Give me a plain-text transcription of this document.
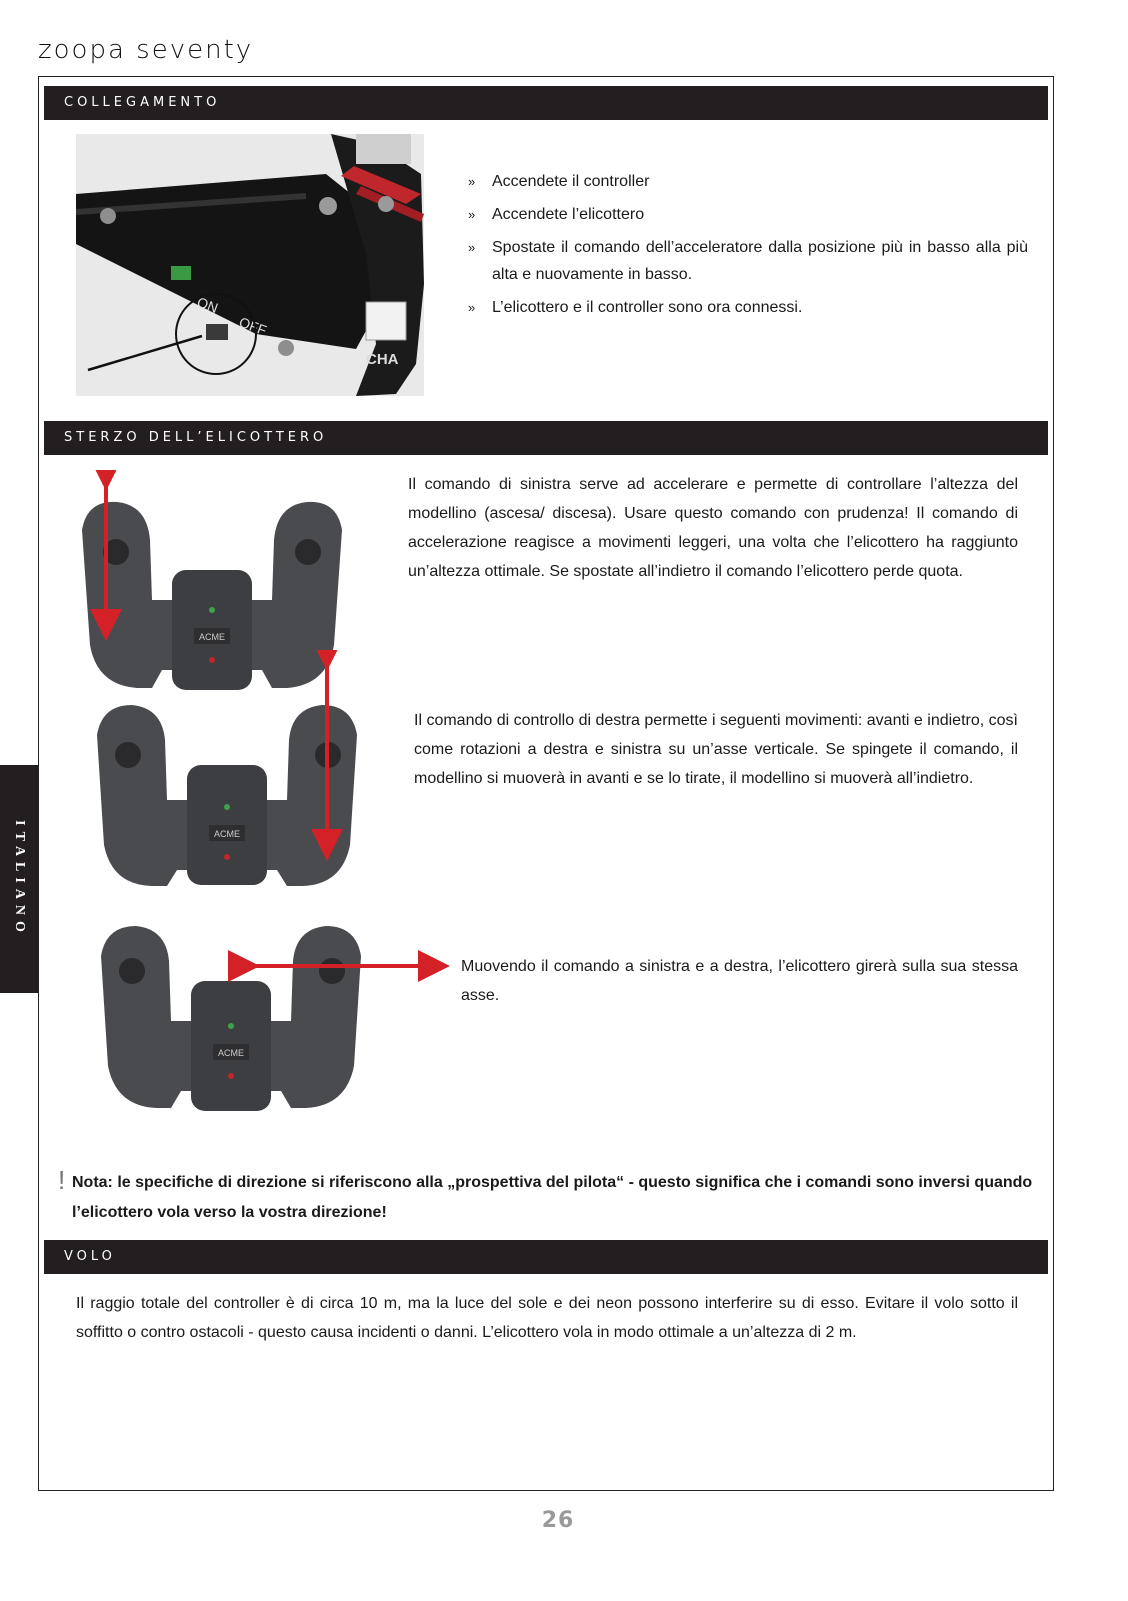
zoopa seventy
COLLEGAMENTO
ON
OFF
CHA
» Accendete il controller
» Accendete l’elicottero
» Spostate il comando dell’acceleratore dalla posizione più in basso alla più alta e nuovamente in basso.
» L’elicottero e il controller sono ora connessi.
STERZO DELL’ELICOTTERO
ITALIANO
ACME
ACME
ACME
Il comando di sinistra serve ad accelerare e permette di controllare l’altezza del modellino (ascesa/ discesa). Usare questo comando con prudenza! Il comando di accelerazione reagisce a movimenti leggeri, una volta che l’elicottero ha raggiunto un’altezza ottimale. Se spostate all’indietro il comando l’elicottero perde quota.
Il comando di controllo di destra permette i seguenti movimenti: avanti e indietro, così come rotazioni a destra e sinistra su un’asse verticale. Se spingete il comando, il modellino si muoverà in avanti e se lo tirate, il modellino si muoverà all’indietro.
Muovendo il comando a sinistra e a destra, l’elicottero girerà sulla sua stessa asse.
! Nota: le specifiche di direzione si riferiscono alla „prospettiva del pilota“ - questo significa che i comandi sono inversi quando l’elicottero vola verso la vostra direzione!
VOLO
Il raggio totale del controller è di circa 10 m, ma la luce del sole e dei neon possono interferire su di esso. Evitare il volo sotto il soffitto o contro ostacoli - questo causa incidenti o danni. L’elicottero vola in modo ottimale a un’altezza di 2 m.
26
